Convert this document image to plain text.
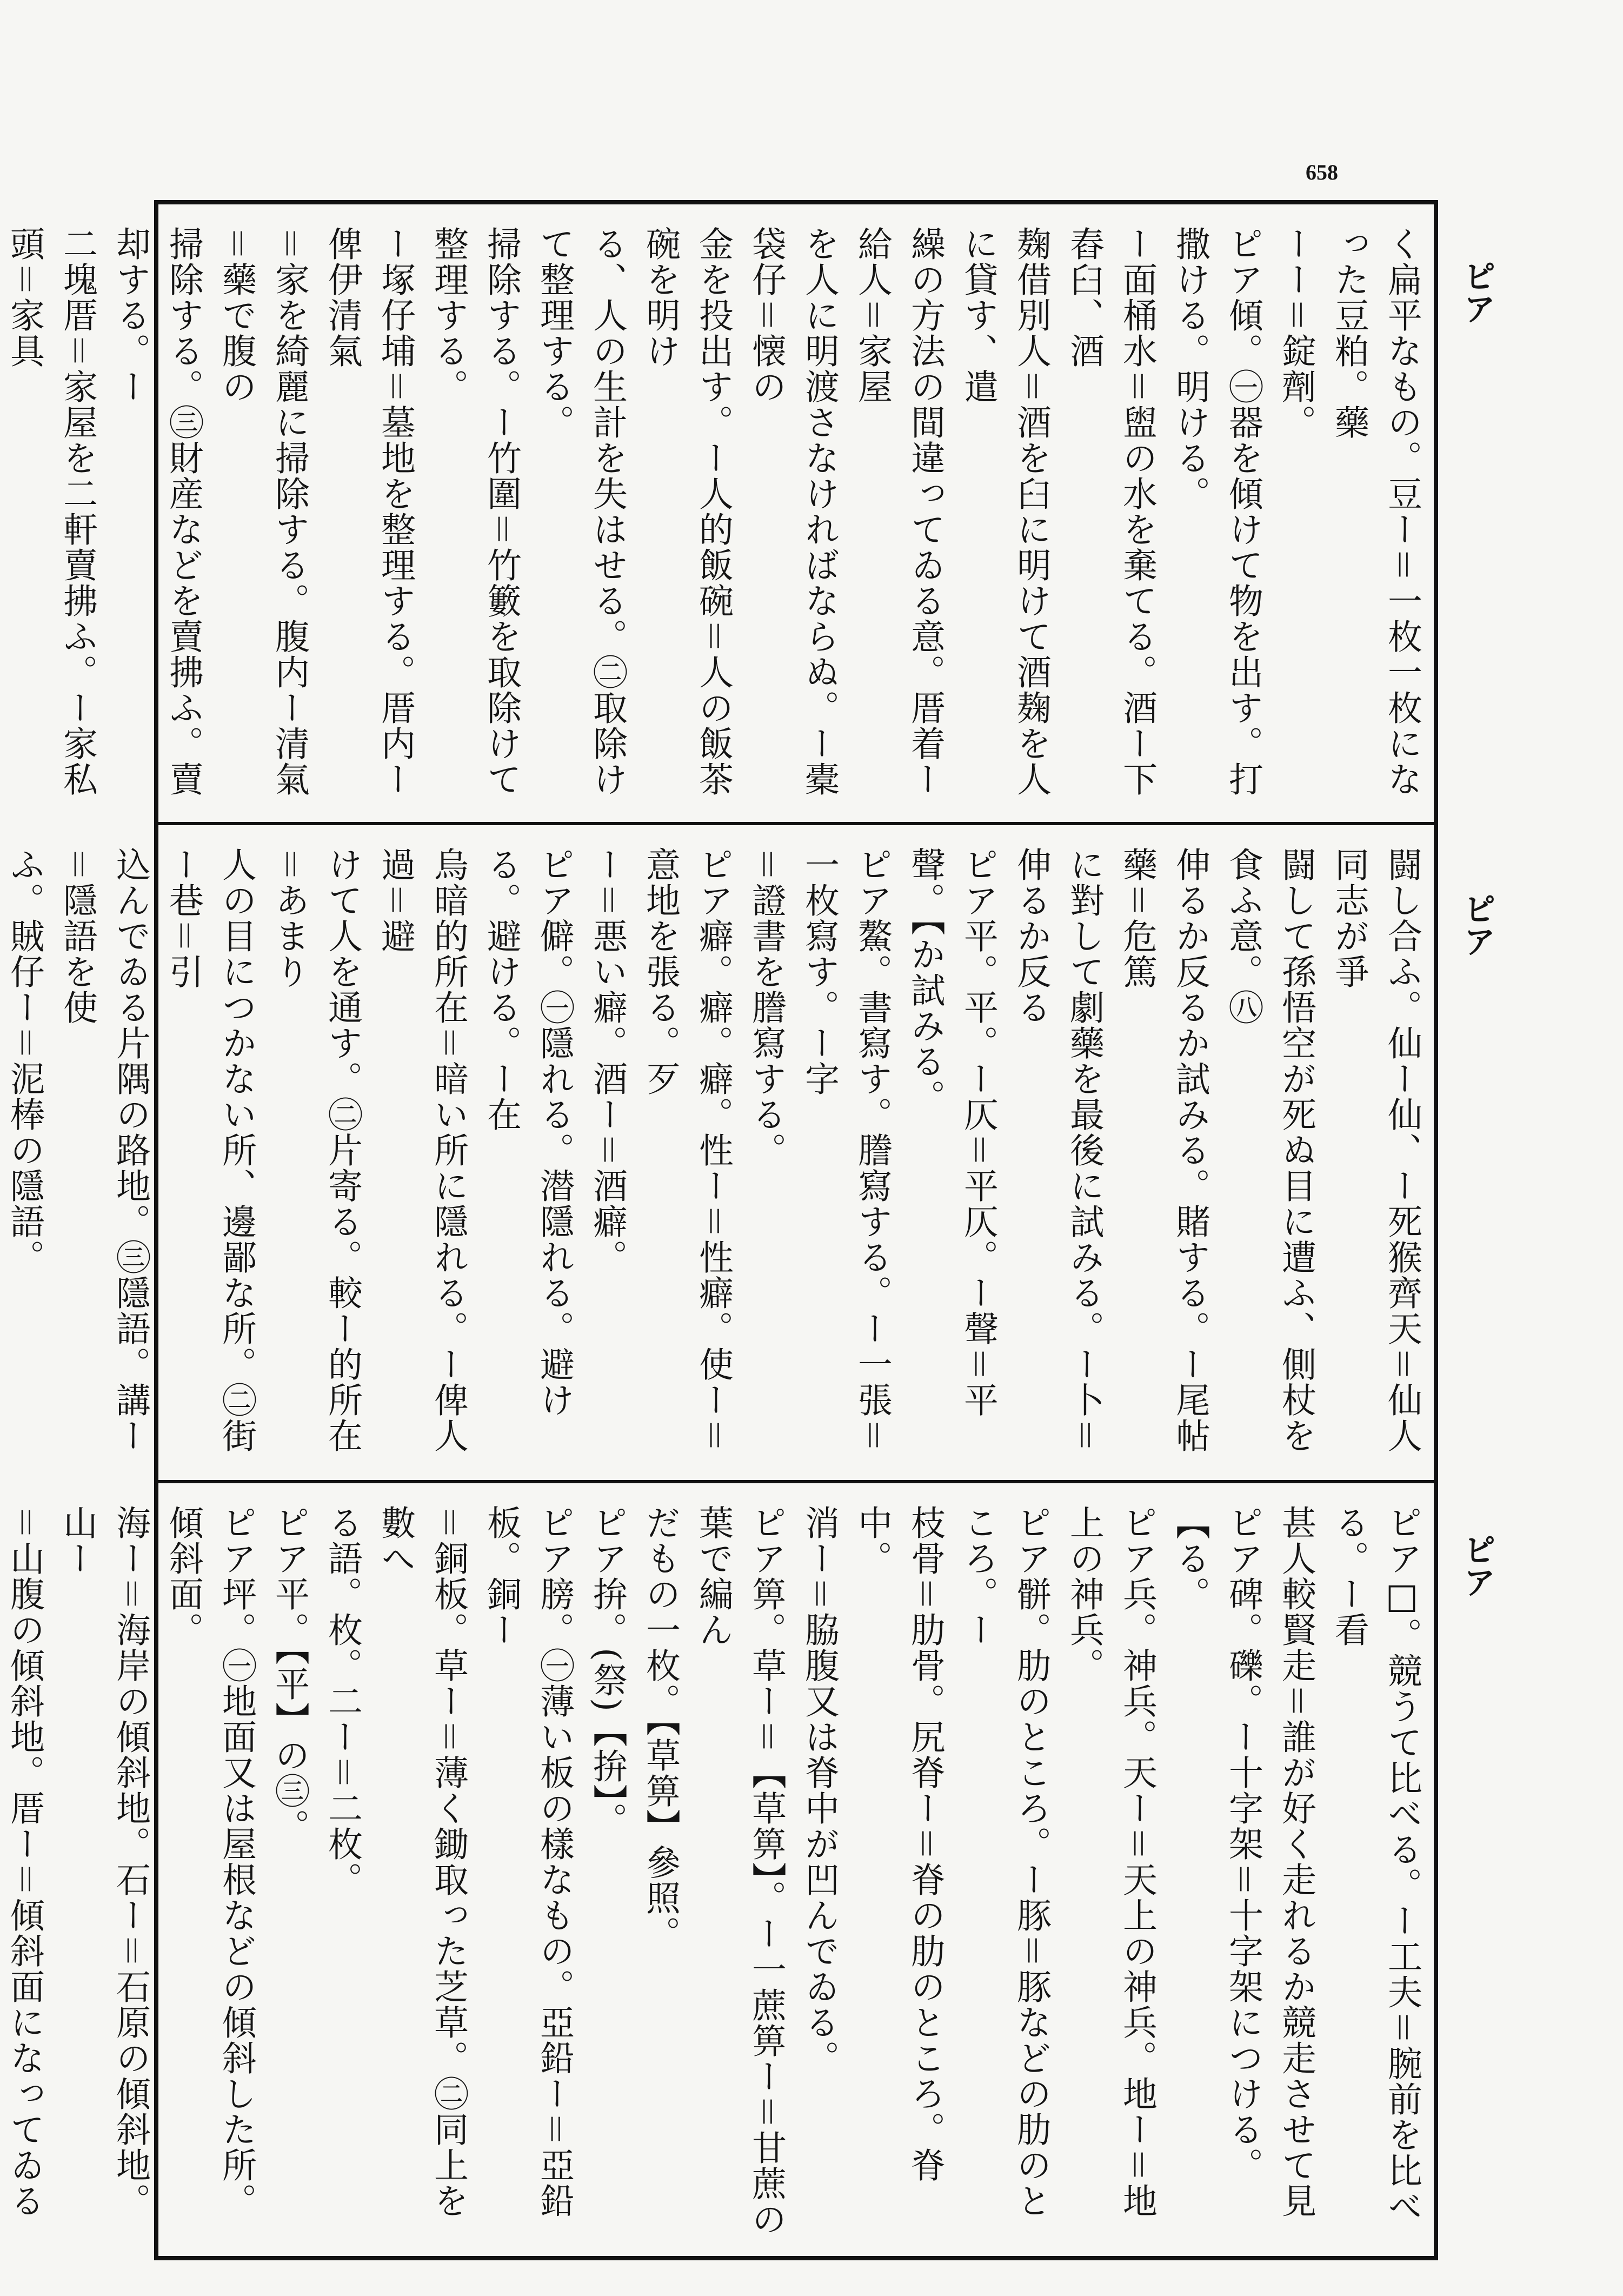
658
ピア
ピア
ピア

く扁平なもの。豆ー＝一枚一枚になった豆粕。藥

ーー＝錠劑。

ピア傾。㊀器を傾けて物を出す。打撒ける。明ける。

ー面桶水＝盥の水を棄てる。酒ー下舂臼、酒

麹借別人＝酒を臼に明けて酒麹を人に貸す、遣

繰の方法の間違ってゐる意。厝着ー給人＝家屋

を人に明渡さなければならぬ。ー橐袋仔＝懐の

金を投出す。ー人的飯碗＝人の飯茶碗を明け

る、人の生計を失はせる。㊁取除けて整理する。

掃除する。ー竹圍＝竹籔を取除けて整理する。

ー塚仔埔＝墓地を整理する。厝内ー俾伊清氣

＝家を綺麗に掃除する。腹内ー清氣＝藥で腹の

掃除する。㊂財産などを賣拂ふ。賣却する。ー

二塊厝＝家屋を二軒賣拂ふ。ー家私頭＝家具

闘し合ふ。仙ー仙、ー死猴齊天＝仙人同志が爭

闘して孫悟空が死ぬ目に遭ふ、側杖を食ふ意。㊇

伸るか反るか試みる。賭する。ー尾帖藥＝危篤

に對して劇藥を最後に試みる。ー卜＝伸るか反る

ピア平。平。ー仄＝平仄。ー聲＝平聲。【か試みる。

ピア鰲。書寫す。謄寫する。ー一張＝一枚寫す。ー字

＝證書を謄寫する。

ピア癖。癖。癖。性ー＝性癖。使ー＝意地を張る。歹

ー＝悪い癖。酒ー＝酒癖。

ピア僻。㊀隱れる。潜隱れる。避ける。避ける。ー在

烏暗的所在＝暗い所に隱れる。ー俾人過＝避

けて人を通す。㊁片寄る。較ー的所在＝あまり

人の目につかない所、邊鄙な所。㊁街ー巷＝引

込んでゐる片隅の路地。㊂隱語。講ー＝隱語を使

ふ。賊仔ー＝泥棒の隱語。

ピア□。競うて比べる。ー工夫＝腕前を比べる。ー看

甚人較賢走＝誰が好く走れるか競走させて見

ピア碑。礫。ー十字架＝十字架につける。【る。

ピア兵。神兵。天ー＝天上の神兵。地ー＝地上の神兵。

ピア骿。肋のところ。ー豚＝豚などの肋のところ。ー

枝骨＝肋骨。尻脊ー＝脊の肋のところ。脊中。

消ー＝脇腹又は脊中が凹んでゐる。

ピア箅。草ー＝【草箅】。ー一蔗箅ー＝甘蔗の葉で編ん

だもの一枚。【草箅】參照。

ピア拚。(祭)【拚】。

ピア膀。㊀薄い板の樣なもの。亞鉛ー＝亞鉛板。銅ー

＝銅板。草ー＝薄く鋤取った芝草。㊁同上を數へ

る語。枚。二ー＝二枚。

ピア平。【平】の㊂。

ピア坪。㊀地面又は屋根などの傾斜した所。傾斜面。

海ー＝海岸の傾斜地。石ー＝石原の傾斜地。山ー

＝山腹の傾斜地。厝ー＝傾斜面になってゐる
